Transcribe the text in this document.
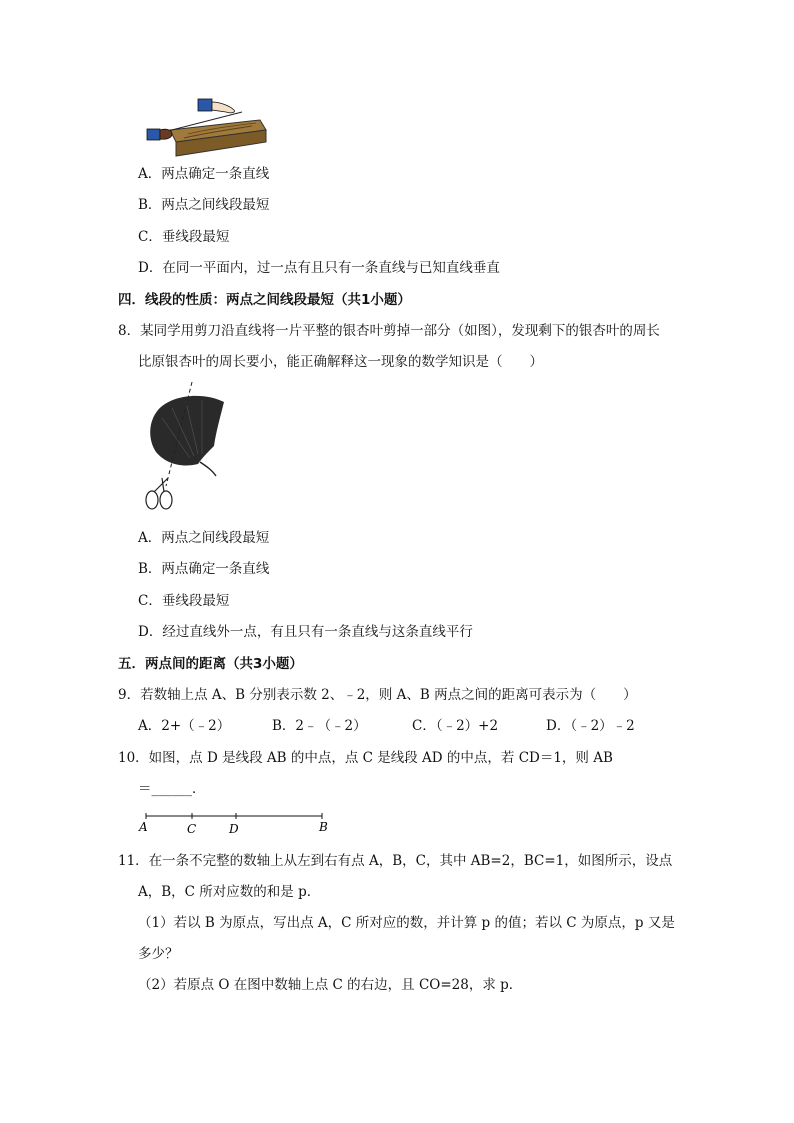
A．两点确定一条直线
B．两点之间线段最短
C．垂线段最短
D．在同一平面内，过一点有且只有一条直线与已知直线垂直
四．线段的性质：两点之间线段最短（共1小题）
8．某同学用剪刀沿直线将一片平整的银杏叶剪掉一部分（如图），发现剩下的银杏叶的周长
比原银杏叶的周长要小，能正确解释这一现象的数学知识是（　　）
A．两点之间线段最短
B．两点确定一条直线
C．垂线段最短
D．经过直线外一点，有且只有一条直线与这条直线平行
五．两点间的距离（共3小题）
9．若数轴上点 A、B 分别表示数 2、﹣2，则 A、B 两点之间的距离可表示为（　　）
A．2+（﹣2）	B．2﹣（﹣2）	C．（﹣2）+2	D．（﹣2）﹣2
10．如图，点 D 是线段 AB 的中点，点 C 是线段 AD 的中点，若 CD＝1，则 AB
＝______．
A	C	D	B
11．在一条不完整的数轴上从左到右有点 A，B，C，其中 AB=2，BC=1，如图所示，设点
A，B，C 所对应数的和是 p．
（1）若以 B 为原点，写出点 A，C 所对应的数，并计算 p 的值；若以 C 为原点，p 又是
多少？
（2）若原点 O 在图中数轴上点 C 的右边，且 CO=28，求 p．
